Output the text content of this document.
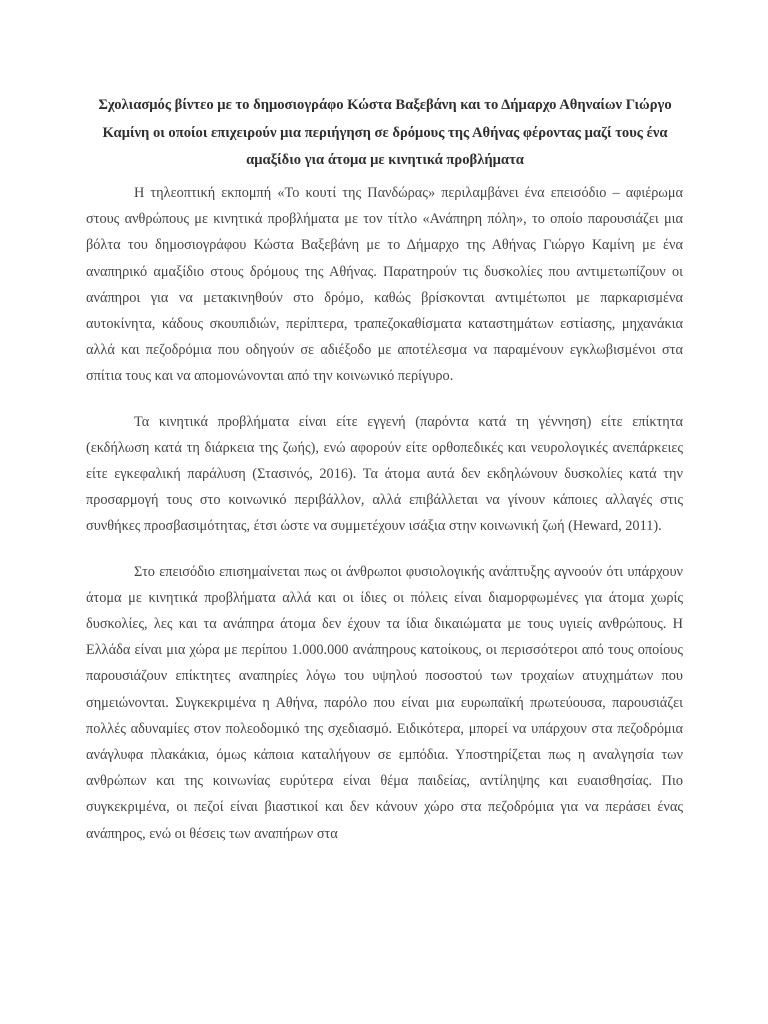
Σχολιασμός βίντεο με το δημοσιογράφο Κώστα Βαξεβάνη και το Δήμαρχο Αθηναίων Γιώργο Καμίνη οι οποίοι επιχειρούν μια περιήγηση σε δρόμους της Αθήνας φέροντας μαζί τους ένα αμαξίδιο για άτομα με κινητικά προβλήματα

Η τηλεοπτική εκπομπή «Το κουτί της Πανδώρας» περιλαμβάνει ένα επεισόδιο – αφιέρωμα στους ανθρώπους με κινητικά προβλήματα με τον τίτλο «Ανάπηρη πόλη», το οποίο παρουσιάζει μια βόλτα του δημοσιογράφου Κώστα Βαξεβάνη με το Δήμαρχο της Αθήνας Γιώργο Καμίνη με ένα αναπηρικό αμαξίδιο στους δρόμους της Αθήνας. Παρατηρούν τις δυσκολίες που αντιμετωπίζουν οι ανάπηροι για να μετακινηθούν στο δρόμο, καθώς βρίσκονται αντιμέτωποι με παρκαρισμένα αυτοκίνητα, κάδους σκουπιδιών, περίπτερα, τραπεζοκαθίσματα καταστημάτων εστίασης, μηχανάκια αλλά και πεζοδρόμια που οδηγούν σε αδιέξοδο με αποτέλεσμα να παραμένουν εγκλωβισμένοι στα σπίτια τους και να απομονώνονται από την κοινωνικό περίγυρο.

Τα κινητικά προβλήματα είναι είτε εγγενή (παρόντα κατά τη γέννηση) είτε επίκτητα (εκδήλωση κατά τη διάρκεια της ζωής), ενώ αφορούν είτε ορθοπεδικές και νευρολογικές ανεπάρκειες είτε εγκεφαλική παράλυση (Στασινός, 2016). Τα άτομα αυτά δεν εκδηλώνουν δυσκολίες κατά την προσαρμογή τους στο κοινωνικό περιβάλλον, αλλά επιβάλλεται να γίνουν κάποιες αλλαγές στις συνθήκες προσβασιμότητας, έτσι ώστε να συμμετέχουν ισάξια στην κοινωνική ζωή (Heward, 2011).

Στο επεισόδιο επισημαίνεται πως οι άνθρωποι φυσιολογικής ανάπτυξης αγνοούν ότι υπάρχουν άτομα με κινητικά προβλήματα αλλά και οι ίδιες οι πόλεις είναι διαμορφωμένες για άτομα χωρίς δυσκολίες, λες και τα ανάπηρα άτομα δεν έχουν τα ίδια δικαιώματα με τους υγιείς ανθρώπους. Η Ελλάδα είναι μια χώρα με περίπου 1.000.000 ανάπηρους κατοίκους, οι περισσότεροι από τους οποίους παρουσιάζουν επίκτητες αναπηρίες λόγω του υψηλού ποσοστού των τροχαίων ατυχημάτων που σημειώνονται. Συγκεκριμένα η Αθήνα, παρόλο που είναι μια ευρωπαϊκή πρωτεύουσα, παρουσιάζει πολλές αδυναμίες στον πολεοδομικό της σχεδιασμό. Ειδικότερα, μπορεί να υπάρχουν στα πεζοδρόμια ανάγλυφα πλακάκια, όμως κάποια καταλήγουν σε εμπόδια. Υποστηρίζεται πως η αναλγησία των ανθρώπων και της κοινωνίας ευρύτερα είναι θέμα παιδείας, αντίληψης και ευαισθησίας. Πιο συγκεκριμένα, οι πεζοί είναι βιαστικοί και δεν κάνουν χώρο στα πεζοδρόμια για να περάσει ένας ανάπηρος, ενώ οι θέσεις των αναπήρων στα
